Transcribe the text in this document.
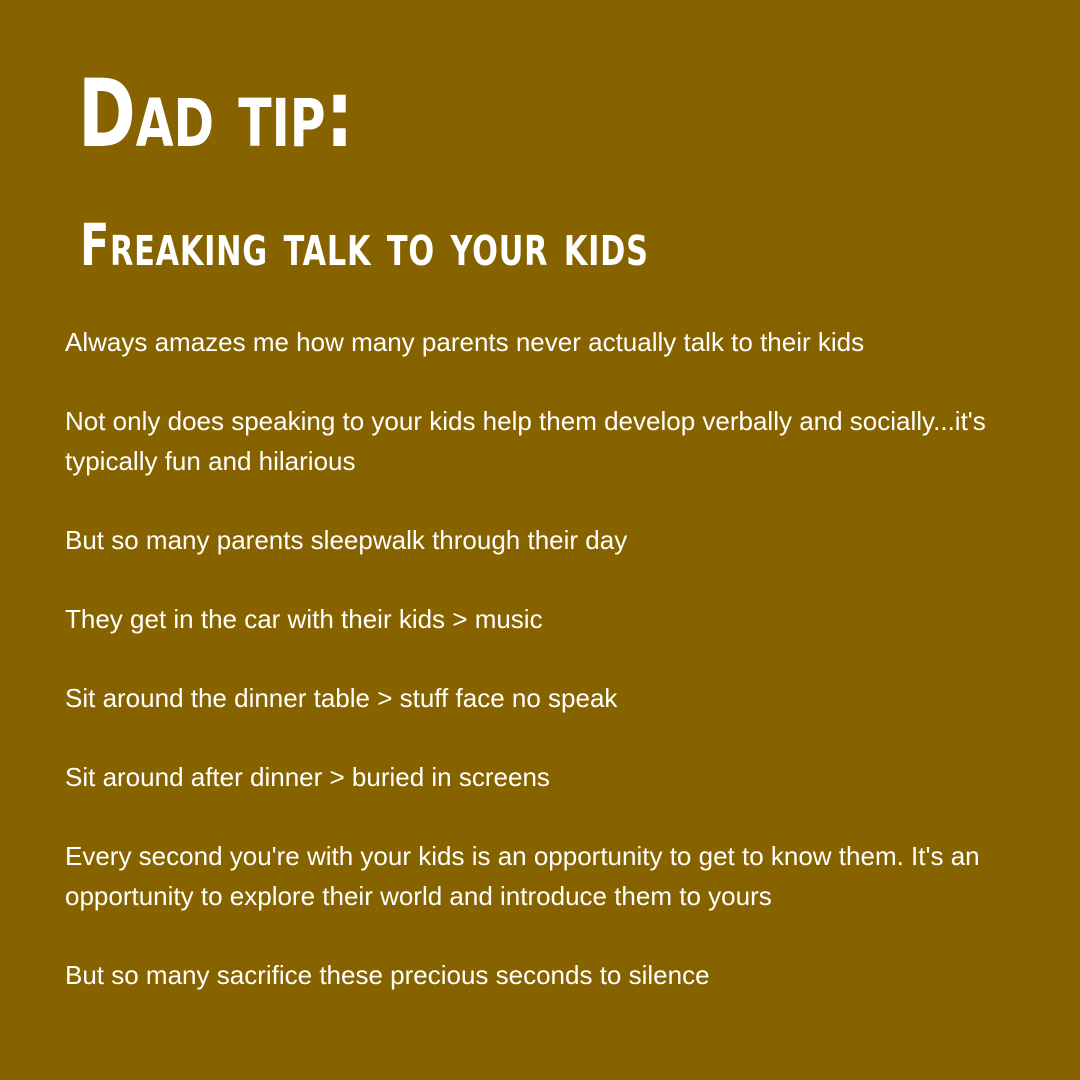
Dad tip:
Freaking talk to your kids

Always amazes me how many parents never actually talk to their kids

Not only does speaking to your kids help them develop verbally and socially...it's typically fun and hilarious

But so many parents sleepwalk through their day

They get in the car with their kids > music

Sit around the dinner table > stuff face no speak

Sit around after dinner > buried in screens

Every second you're with your kids is an opportunity to get to know them. It's an opportunity to explore their world and introduce them to yours

But so many sacrifice these precious seconds to silence
